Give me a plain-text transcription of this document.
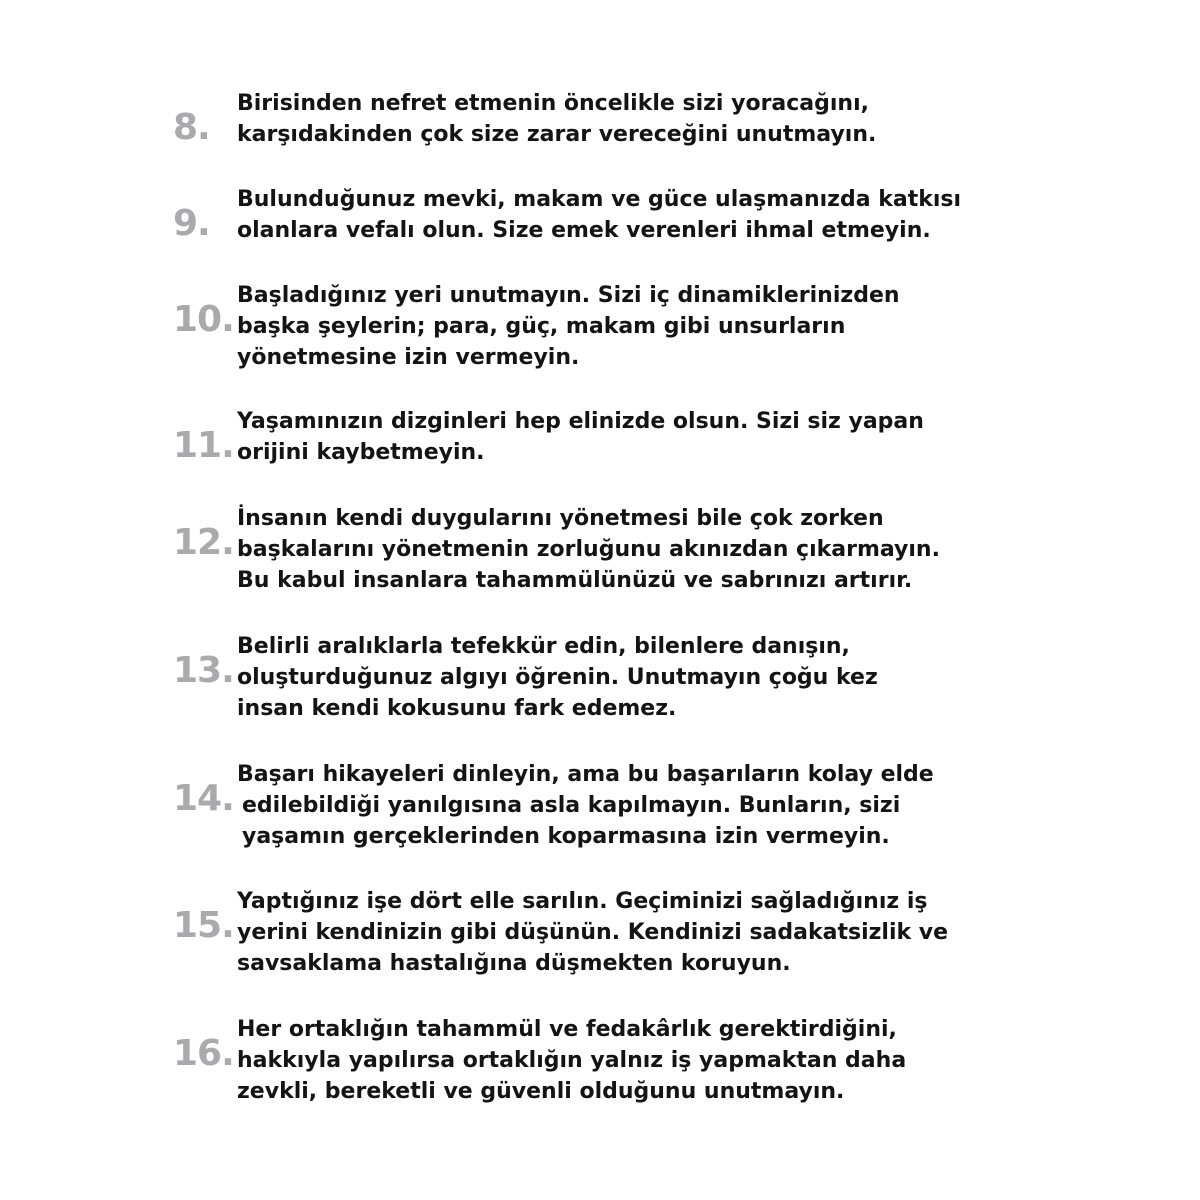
8.

Birisinden nefret etmenin öncelikle sizi yoracağını,
karşıdakinden çok size zarar vereceğini unutmayın.

9.

Bulunduğunuz mevki, makam ve güce ulaşmanızda katkısı
olanlara vefalı olun. Size emek verenleri ihmal etmeyin.

10.

Başladığınız yeri unutmayın. Sizi iç dinamiklerinizden
başka şeylerin; para, güç, makam gibi unsurların
yönetmesine izin vermeyin.

11.

Yaşamınızın dizginleri hep elinizde olsun. Sizi siz yapan
orijini kaybetmeyin.

12.

İnsanın kendi duygularını yönetmesi bile çok zorken
başkalarını yönetmenin zorluğunu akınızdan çıkarmayın.
Bu kabul insanlara tahammülünüzü ve sabrınızı artırır.

13.

Belirli aralıklarla tefekkür edin, bilenlere danışın,
oluşturduğunuz algıyı öğrenin. Unutmayın çoğu kez
insan kendi kokusunu fark edemez.

14.

Başarı hikayeleri dinleyin, ama bu başarıların kolay elde
edilebildiği yanılgısına asla kapılmayın. Bunların, sizi
yaşamın gerçeklerinden koparmasına izin vermeyin.

15.

Yaptığınız işe dört elle sarılın. Geçiminizi sağladığınız iş
yerini kendinizin gibi düşünün. Kendinizi sadakatsizlik ve
savsaklama hastalığına düşmekten koruyun.

16.

Her ortaklığın tahammül ve fedakârlık gerektirdiğini,
hakkıyla yapılırsa ortaklığın yalnız iş yapmaktan daha
zevkli, bereketli ve güvenli olduğunu unutmayın.
